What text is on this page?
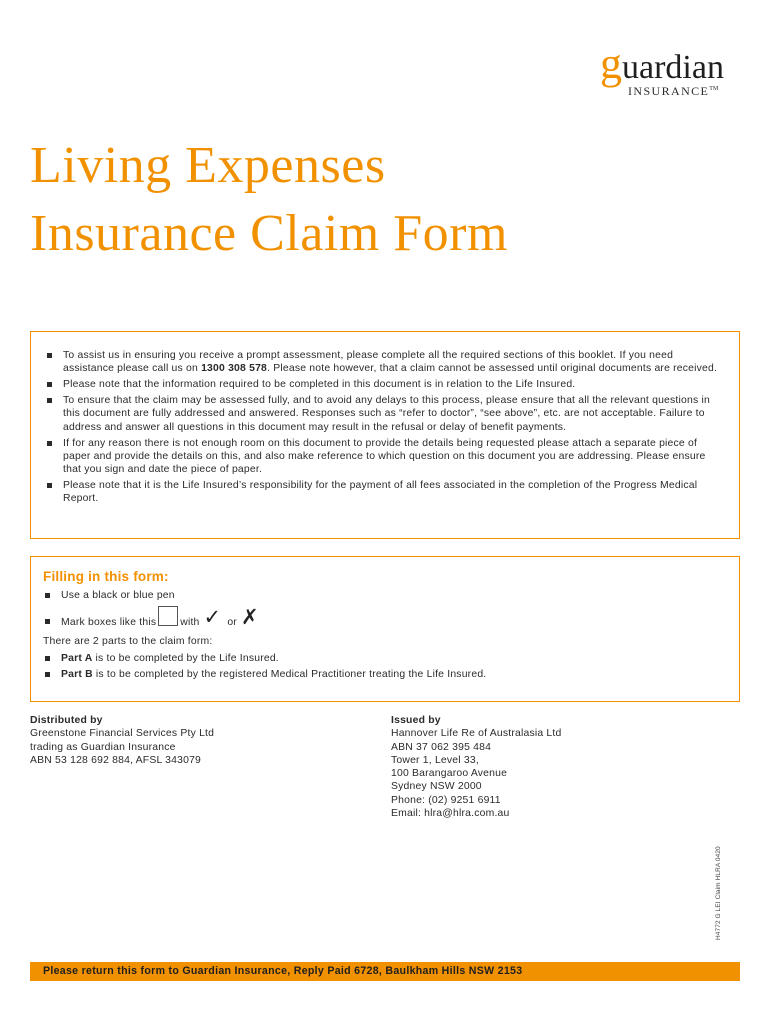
guardian
INSURANCE™
Living Expenses
Insurance Claim Form
To assist us in ensuring you receive a prompt assessment, please complete all the required sections of this booklet. If you need assistance please call us on 1300 308 578. Please note however, that a claim cannot be assessed until original documents are received.
Please note that the information required to be completed in this document is in relation to the Life Insured.
To ensure that the claim may be assessed fully, and to avoid any delays to this process, please ensure that all the relevant questions in this document are fully addressed and answered. Responses such as “refer to doctor”, “see above”, etc. are not acceptable. Failure to address and answer all questions in this document may result in the refusal or delay of benefit payments.
If for any reason there is not enough room on this document to provide the details being requested please attach a separate piece of paper and provide the details on this, and also make reference to which question on this document you are addressing. Please ensure that you sign and date the piece of paper.
Please note that it is the Life Insured’s responsibility for the payment of all fees associated in the completion of the Progress Medical Report.
Filling in this form:
Use a black or blue pen
Mark boxes like this with ✓ or ✗
There are 2 parts to the claim form:
Part A is to be completed by the Life Insured.
Part B is to be completed by the registered Medical Practitioner treating the Life Insured.
Distributed by
Greenstone Financial Services Pty Ltd
trading as Guardian Insurance
ABN 53 128 692 884, AFSL 343079
Issued by
Hannover Life Re of Australasia Ltd
ABN 37 062 395 484
Tower 1, Level 33,
100 Barangaroo Avenue
Sydney NSW 2000
Phone: (02) 9251 6911
Email: hlra@hlra.com.au
H4772 G LEI Claim HLRA 0420
Please return this form to Guardian Insurance, Reply Paid 6728, Baulkham Hills NSW 2153
